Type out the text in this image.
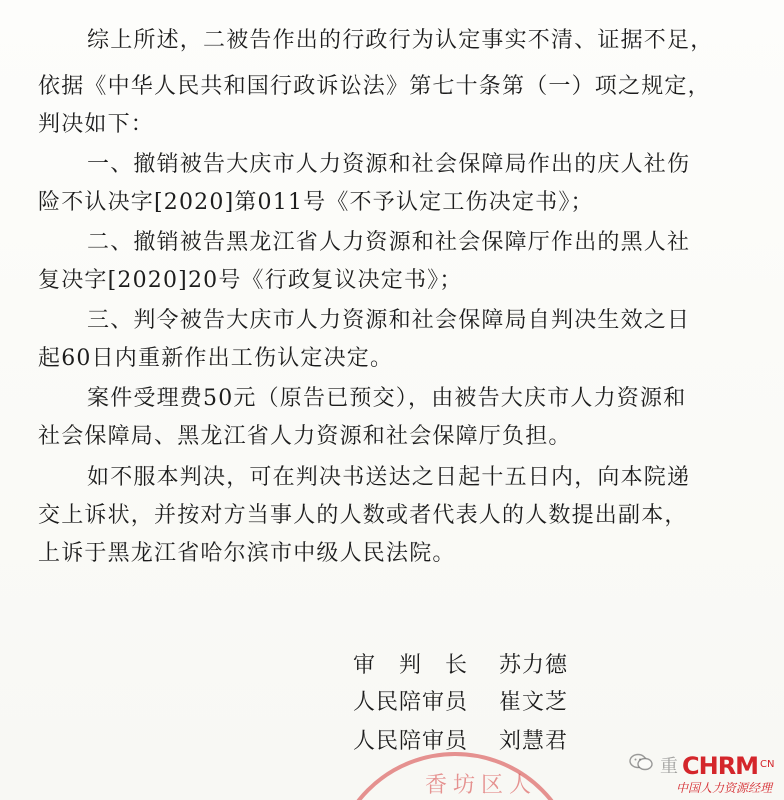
综上所述，二被告作出的行政行为认定事实不清、证据不足，
依据《中华人民共和国行政诉讼法》第七十条第（一）项之规定，
判决如下：
一、撤销被告大庆市人力资源和社会保障局作出的庆人社伤
险不认决字[2020]第011号《不予认定工伤决定书》；
二、撤销被告黑龙江省人力资源和社会保障厅作出的黑人社
复决字[2020]20号《行政复议决定书》；
三、判令被告大庆市人力资源和社会保障局自判决生效之日
起60日内重新作出工伤认定决定。
案件受理费50元（原告已预交），由被告大庆市人力资源和
社会保障局、黑龙江省人力资源和社会保障厅负担。
如不服本判决，可在判决书送达之日起十五日内，向本院递
交上诉状，并按对方当事人的人数或者代表人的人数提出副本，
上诉于黑龙江省哈尔滨市中级人民法院。
审　判　长 苏力德
人民陪审员 崔文芝
人民陪审员 刘慧君
香坊区人
重 CHRM CN
中国人力资源经理
